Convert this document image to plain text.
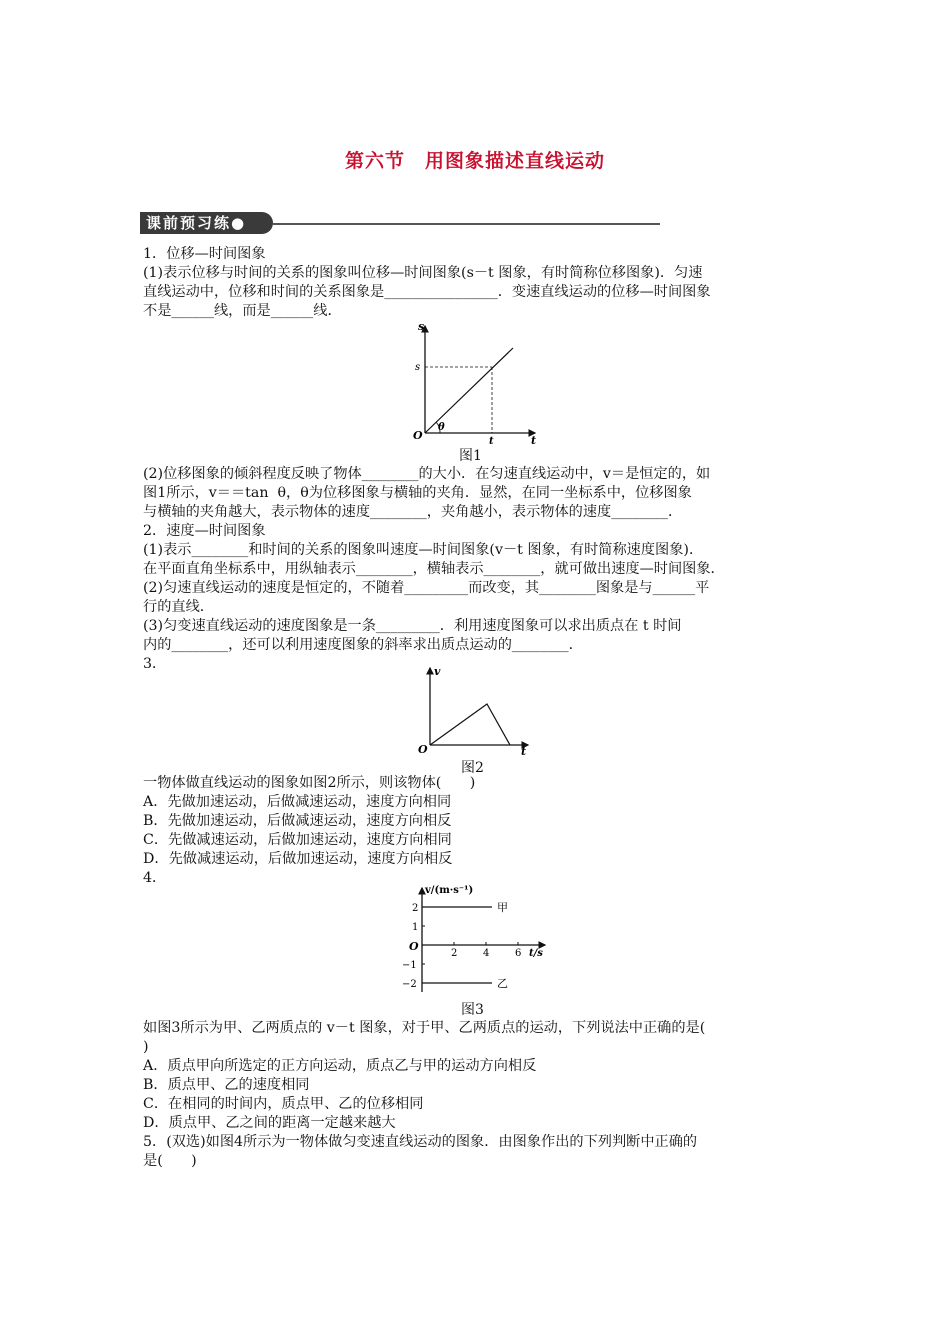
第六节　用图象描述直线运动
课前预习练●
1．位移—时间图象
(1)表示位移与时间的关系的图象叫位移—时间图象(s－t 图象，有时简称位移图象)．匀速
直线运动中，位移和时间的关系图象是________________．变速直线运动的位移—时间图象
不是______线，而是______线．
s
s
O
θ
t	t
图1
(2)位移图象的倾斜程度反映了物体________的大小．在匀速直线运动中，v＝是恒定的，如
图1所示，v＝＝tan  θ，θ为位移图象与横轴的夹角．显然，在同一坐标系中，位移图象
与横轴的夹角越大，表示物体的速度________，夹角越小，表示物体的速度________．
2．速度—时间图象
(1)表示________和时间的关系的图象叫速度—时间图象(v－t 图象，有时简称速度图象)．
在平面直角坐标系中，用纵轴表示________，横轴表示________，就可做出速度—时间图象．
(2)匀速直线运动的速度是恒定的，不随着_________而改变，其________图象是与______平
行的直线．
(3)匀变速直线运动的速度图象是一条_________．利用速度图象可以求出质点在 t 时间
内的________，还可以利用速度图象的斜率求出质点运动的________．
3．	v
O	t
图2
一物体做直线运动的图象如图2所示，则该物体(　　)
A．先做加速运动，后做减速运动，速度方向相同
B．先做加速运动，后做减速运动，速度方向相反
C．先做减速运动，后做加速运动，速度方向相同
D．先做减速运动，后做加速运动，速度方向相反
4．
v/(m·s⁻¹)
2
1
O
−1
−2
2	4	6 t/s
甲
乙
图3
如图3所示为甲、乙两质点的 v－t 图象，对于甲、乙两质点的运动，下列说法中正确的是(
)
A．质点甲向所选定的正方向运动，质点乙与甲的运动方向相反
B．质点甲、乙的速度相同
C．在相同的时间内，质点甲、乙的位移相同
D．质点甲、乙之间的距离一定越来越大
5．(双选)如图4所示为一物体做匀变速直线运动的图象．由图象作出的下列判断中正确的
是(　　)
